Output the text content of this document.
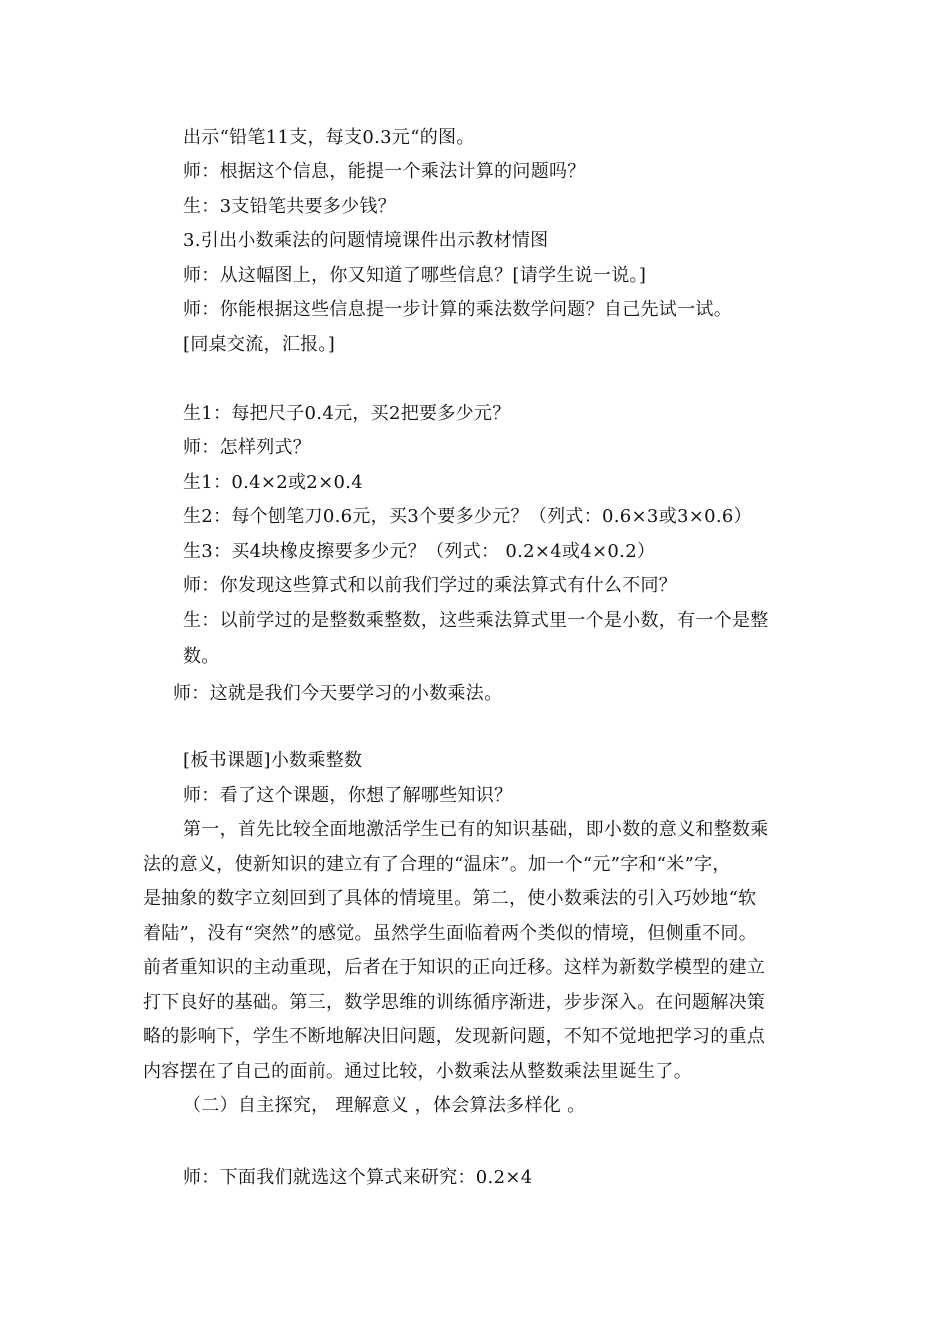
出示“铅笔11支，每支0.3元“的图。
师：根据这个信息，能提一个乘法计算的问题吗？
生：3支铅笔共要多少钱？
3.引出小数乘法的问题情境课件出示教材情图
师：从这幅图上，你又知道了哪些信息？[请学生说一说。]
师：你能根据这些信息提一步计算的乘法数学问题？自己先试一试。
[同桌交流，汇报。]
生1：每把尺子0.4元，买2把要多少元？
师：怎样列式？
生1：0.4×2或2×0.4
生2：每个刨笔刀0.6元，买3个要多少元？（列式：0.6×3或3×0.6）
生3：买4块橡皮擦要多少元？（列式： 0.2×4或4×0.2）
师：你发现这些算式和以前我们学过的乘法算式有什么不同？
生：以前学过的是整数乘整数，这些乘法算式里一个是小数，有一个是整
数。
师：这就是我们今天要学习的小数乘法。
[板书课题]小数乘整数
师：看了这个课题，你想了解哪些知识？
第一，首先比较全面地激活学生已有的知识基础，即小数的意义和整数乘
法的意义，使新知识的建立有了合理的“温床”。加一个“元”字和“米”字，
是抽象的数字立刻回到了具体的情境里。第二，使小数乘法的引入巧妙地“软
着陆”，没有“突然”的感觉。虽然学生面临着两个类似的情境，但侧重不同。
前者重知识的主动重现，后者在于知识的正向迁移。这样为新数学模型的建立
打下良好的基础。第三，数学思维的训练循序渐进，步步深入。在问题解决策
略的影响下，学生不断地解决旧问题，发现新问题，不知不觉地把学习的重点
内容摆在了自己的面前。通过比较，小数乘法从整数乘法里诞生了。
（二）自主探究， 理解意义 ，体会算法多样化 。
师：下面我们就选这个算式来研究：0.2×4
